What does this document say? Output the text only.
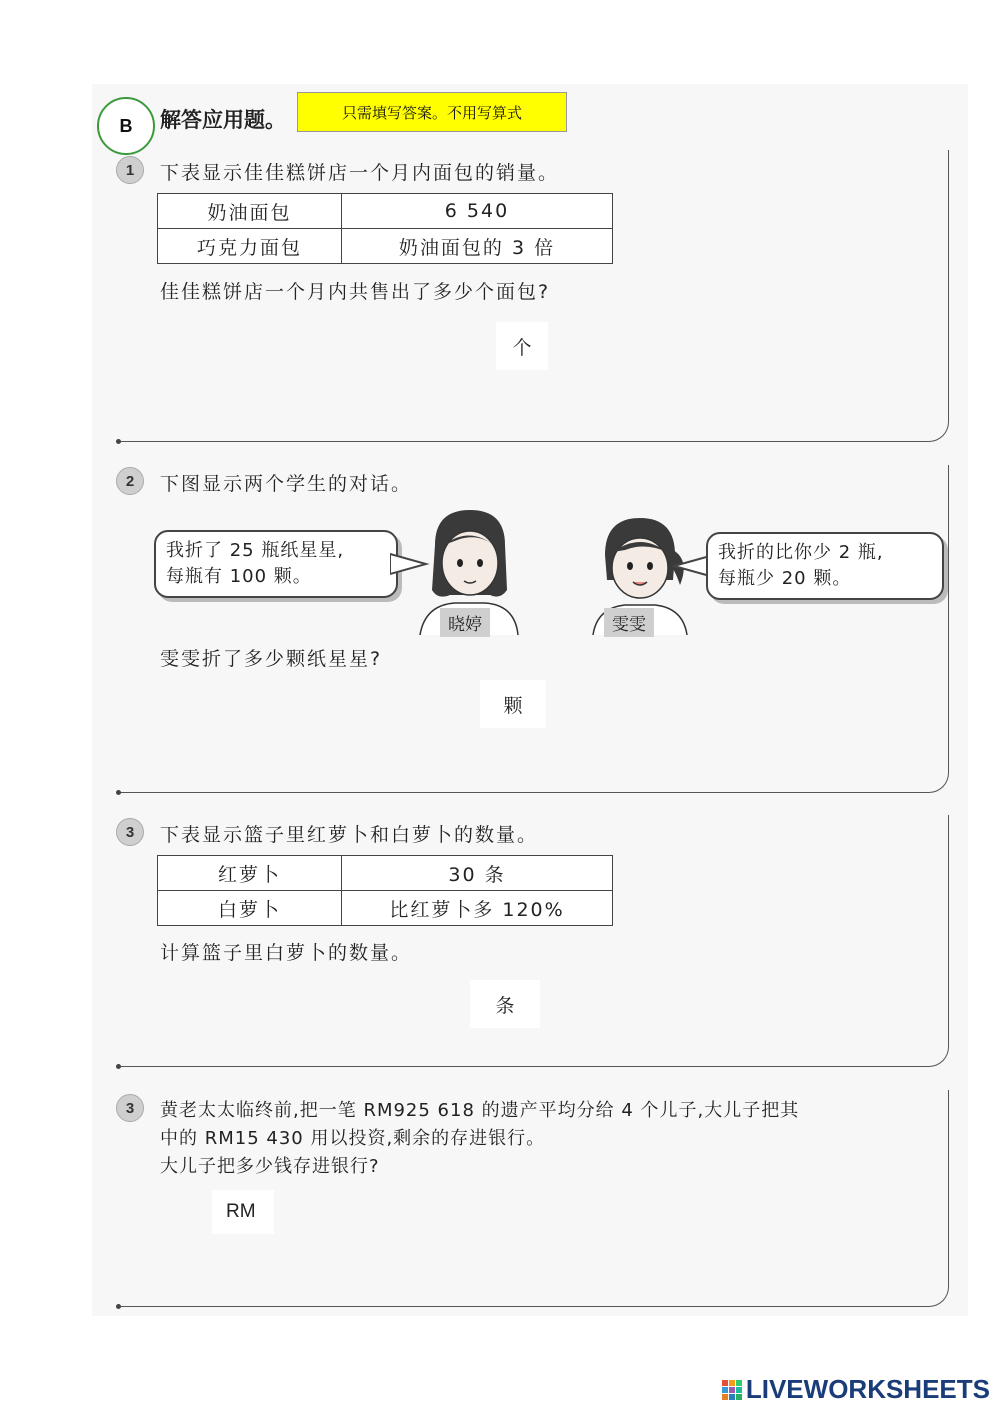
B	解答应用题。	只需填写答案。不用写算式
1	下表显示佳佳糕饼店一个月内面包的销量。
奶油面包	6 540
巧克力面包	奶油面包的 3 倍
佳佳糕饼店一个月内共售出了多少个面包?
个
2	下图显示两个学生的对话。
我折了 25 瓶纸星星,
每瓶有 100 颗。
晓婷	雯雯
我折的比你少 2 瓶,
每瓶少 20 颗。
雯雯折了多少颗纸星星?
颗
3	下表显示篮子里红萝卜和白萝卜的数量。
红萝卜	30 条
白萝卜	比红萝卜多 120%
计算篮子里白萝卜的数量。
条
3	黄老太太临终前,把一笔 RM925 618 的遗产平均分给 4 个儿子,大儿子把其
中的 RM15 430 用以投资,剩余的存进银行。
大儿子把多少钱存进银行?
RM
LIVEWORKSHEETS
